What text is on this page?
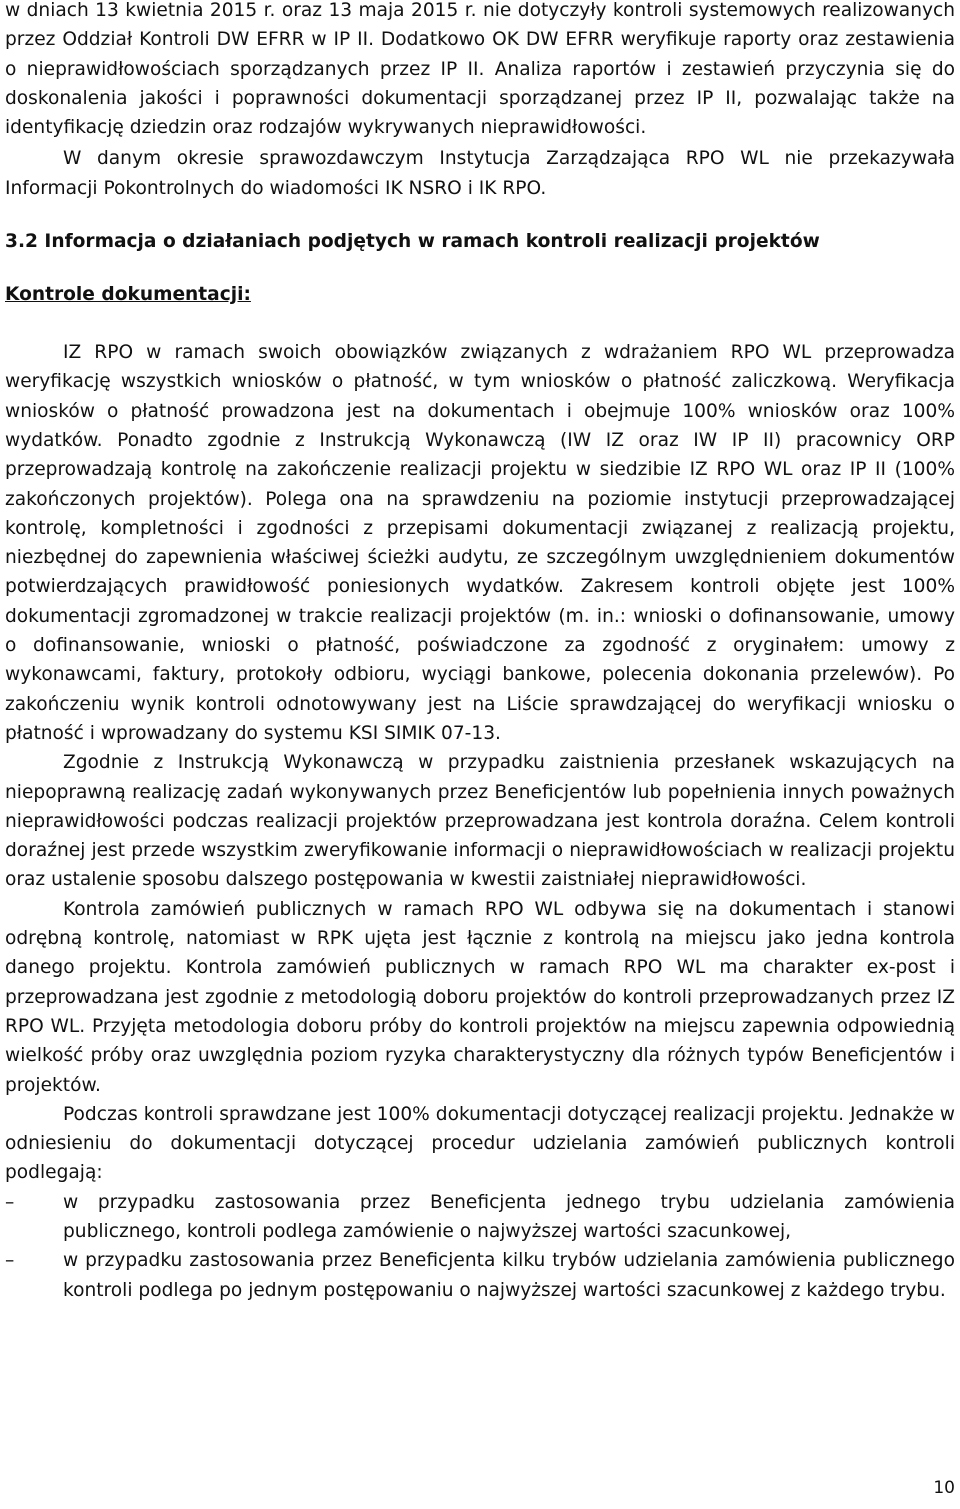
w dniach 13 kwietnia 2015 r. oraz 13 maja 2015 r. nie dotyczyły kontroli systemowych realizowanych przez Oddział Kontroli DW EFRR w IP II. Dodatkowo OK DW EFRR weryfikuje raporty oraz zestawienia o nieprawidłowościach sporządzanych przez IP II. Analiza raportów i zestawień przyczynia się do doskonalenia jakości i poprawności dokumentacji sporządzanej przez IP II, pozwalając także na identyfikację dziedzin oraz rodzajów wykrywanych nieprawidłowości.

W danym okresie sprawozdawczym Instytucja Zarządzająca RPO WL nie przekazywała Informacji Pokontrolnych do wiadomości IK NSRO i IK RPO.

3.2 Informacja o działaniach podjętych w ramach kontroli realizacji projektów
Kontrole dokumentacji:

IZ RPO w ramach swoich obowiązków związanych z wdrażaniem RPO WL przeprowadza weryfikację wszystkich wniosków o płatność, w tym wniosków o płatność zaliczkową. Weryfikacja wniosków o płatność prowadzona jest na dokumentach i obejmuje 100% wniosków oraz 100% wydatków. Ponadto zgodnie z Instrukcją Wykonawczą (IW IZ oraz IW IP II) pracownicy ORP przeprowadzają kontrolę na zakończenie realizacji projektu w siedzibie IZ RPO WL oraz IP II (100% zakończonych projektów). Polega ona na sprawdzeniu na poziomie instytucji przeprowadzającej kontrolę, kompletności i zgodności z przepisami dokumentacji związanej z realizacją projektu, niezbędnej do zapewnienia właściwej ścieżki audytu, ze szczególnym uwzględnieniem dokumentów potwierdzających prawidłowość poniesionych wydatków. Zakresem kontroli objęte jest 100% dokumentacji zgromadzonej w trakcie realizacji projektów (m. in.: wnioski o dofinansowanie, umowy o dofinansowanie, wnioski o płatność, poświadczone za zgodność z oryginałem: umowy z wykonawcami, faktury, protokoły odbioru, wyciągi bankowe, polecenia dokonania przelewów). Po zakończeniu wynik kontroli odnotowywany jest na Liście sprawdzającej do weryfikacji wniosku o płatność i wprowadzany do systemu KSI SIMIK 07-13.

Zgodnie z Instrukcją Wykonawczą w przypadku zaistnienia przesłanek wskazujących na niepoprawną realizację zadań wykonywanych przez Beneficjentów lub popełnienia innych poważnych nieprawidłowości podczas realizacji projektów przeprowadzana jest kontrola doraźna. Celem kontroli doraźnej jest przede wszystkim zweryfikowanie informacji o nieprawidłowościach w realizacji projektu oraz ustalenie sposobu dalszego postępowania w kwestii zaistniałej nieprawidłowości.

Kontrola zamówień publicznych w ramach RPO WL odbywa się na dokumentach i stanowi odrębną kontrolę, natomiast w RPK ujęta jest łącznie z kontrolą na miejscu jako jedna kontrola danego projektu. Kontrola zamówień publicznych w ramach RPO WL ma charakter ex-post i przeprowadzana jest zgodnie z metodologią doboru projektów do kontroli przeprowadzanych przez IZ RPO WL. Przyjęta metodologia doboru próby do kontroli projektów na miejscu zapewnia odpowiednią wielkość próby oraz uwzględnia poziom ryzyka charakterystyczny dla różnych typów Beneficjentów i projektów.

Podczas kontroli sprawdzane jest 100% dokumentacji dotyczącej realizacji projektu. Jednakże w odniesieniu do dokumentacji dotyczącej procedur udzielania zamówień publicznych kontroli podlegają:

–	w przypadku zastosowania przez Beneficjenta jednego trybu udzielania zamówienia publicznego, kontroli podlega zamówienie o najwyższej wartości szacunkowej,
–	w przypadku zastosowania przez Beneficjenta kilku trybów udzielania zamówienia publicznego kontroli podlega po jednym postępowaniu o najwyższej wartości szacunkowej z każdego trybu.
10
